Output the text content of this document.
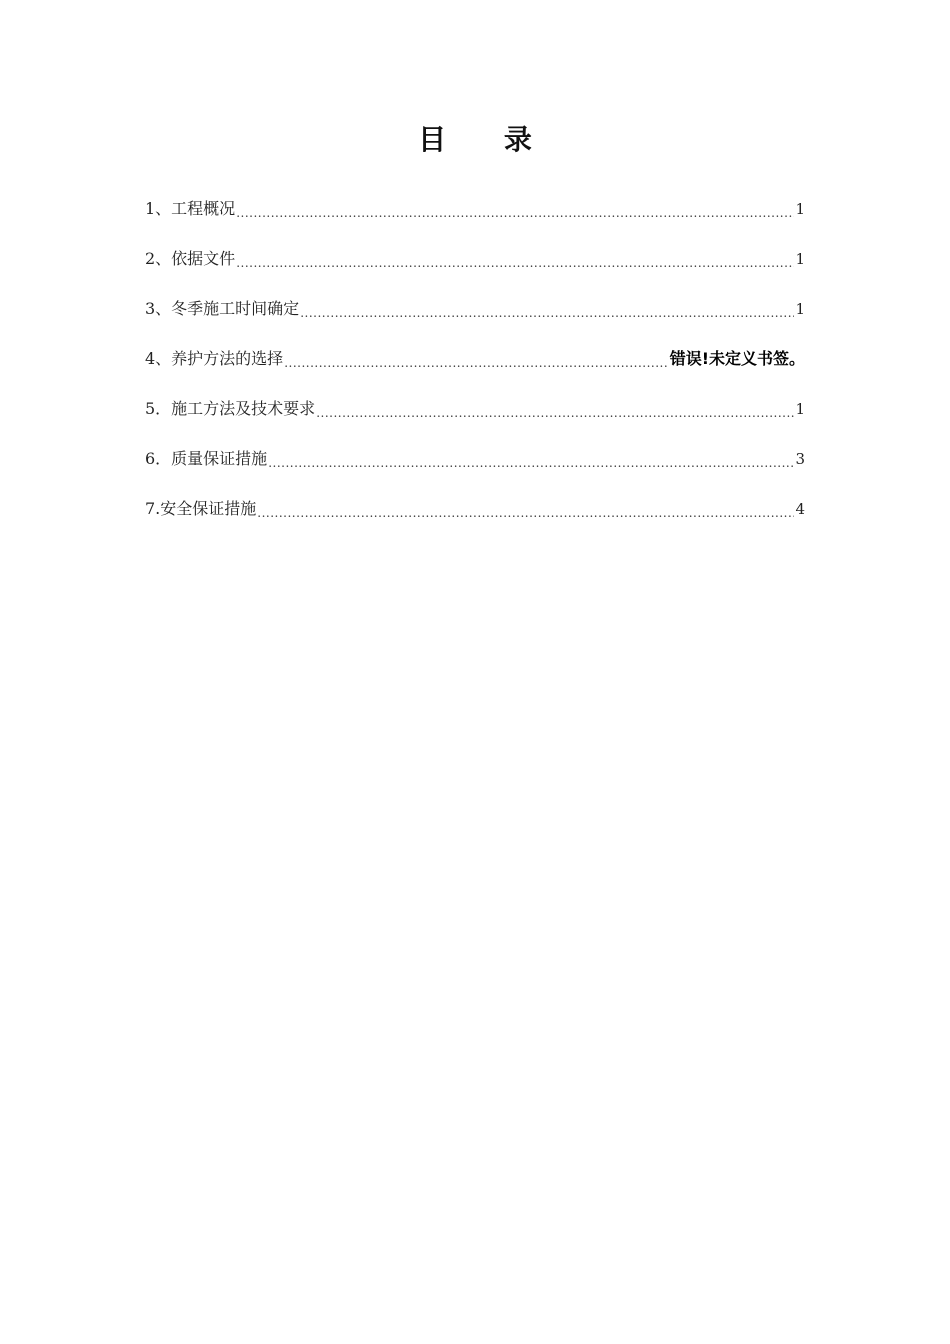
目 录
1、工程概况 .....	1
2、依据文件 .....	1
3、冬季施工时间确定 .....	1
4、养护方法的选择 .....	错误!未定义书签。
5．施工方法及技术要求 .....	1
6．质量保证措施 .....	3
7.安全保证措施 .....	4
